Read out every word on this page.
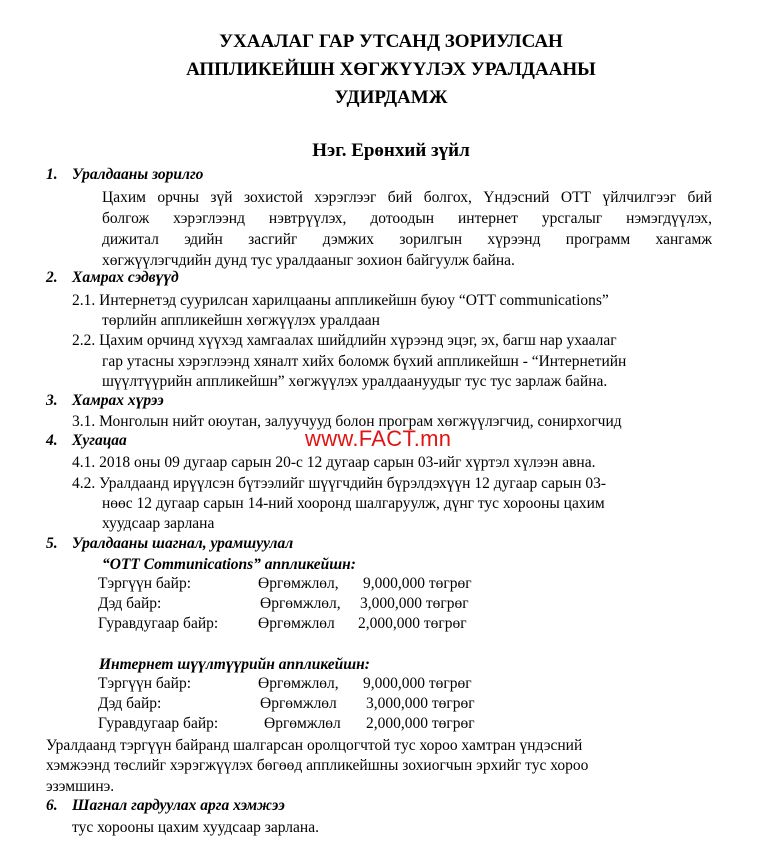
УХААЛАГ ГАР УТСАНД ЗОРИУЛСАН
АППЛИКЕЙШН ХӨГЖҮҮЛЭХ УРАЛДААНЫ
УДИРДАМЖ
Нэг. Ерөнхий зүйл
1. Уралдааны зорилго
Цахим орчны зүй зохистой хэрэглээг бий болгох, Үндэсний ОТТ үйлчилгээг бий
болгож хэрэглээнд нэвтрүүлэх, дотоодын интернет урсгалыг нэмэгдүүлэх,
дижитал эдийн засгийг дэмжих зорилгын хүрээнд программ хангамж
хөгжүүлэгчдийн дунд тус уралдааныг зохион байгуулж байна.
2. Хамрах сэдвүүд
2.1. Интернетэд суурилсан харилцааны аппликейшн буюу “OTT communications”
төрлийн аппликейшн хөгжүүлэх уралдаан
2.2. Цахим орчинд хүүхэд хамгаалах шийдлийн хүрээнд эцэг, эх, багш нар ухаалаг
гар утасны хэрэглээнд хяналт хийх боломж бүхий аппликейшн - “Интернетийн
шүүлтүүрийн аппликейшн” хөгжүүлэх уралдаануудыг тус тус зарлаж байна.
3. Хамрах хүрээ
3.1. Монголын нийт оюутан, залуучууд болон програм хөгжүүлэгчид, сонирхогчид
4. Хугацаа	www.FACT.mn
4.1. 2018 оны 09 дугаар сарын 20-с 12 дугаар сарын 03-ийг хүртэл хүлээн авна.
4.2. Уралдаанд ирүүлсэн бүтээлийг шүүгчдийн бүрэлдэхүүн 12 дугаар сарын 03-
нөөс 12 дугаар сарын 14-ний хооронд шалгаруулж, дүнг тус хорооны цахим
хуудсаар зарлана
5. Уралдааны шагнал, урамшуулал
“OTT Communications” аппликейшн:
Тэргүүн байр:	Өргөмжлөл, 9,000,000 төгрөг
Дэд байр:	Өргөмжлөл, 3,000,000 төгрөг
Гуравдугаар байр:	Өргөмжлөл 2,000,000 төгрөг
Интернет шүүлтүүрийн аппликейшн:
Тэргүүн байр:	Өргөмжлөл, 9,000,000 төгрөг
Дэд байр:	Өргөмжлөл 3,000,000 төгрөг
Гуравдугаар байр:	Өргөмжлөл 2,000,000 төгрөг
Уралдаанд тэргүүн байранд шалгарсан оролцогчтой тус хороо хамтран үндэсний
хэмжээнд төслийг хэрэгжүүлэх бөгөөд аппликейшны зохиогчын эрхийг тус хороо
эзэмшинэ.
6. Шагнал гардуулах арга хэмжээ
тус хорооны цахим хуудсаар зарлана.
